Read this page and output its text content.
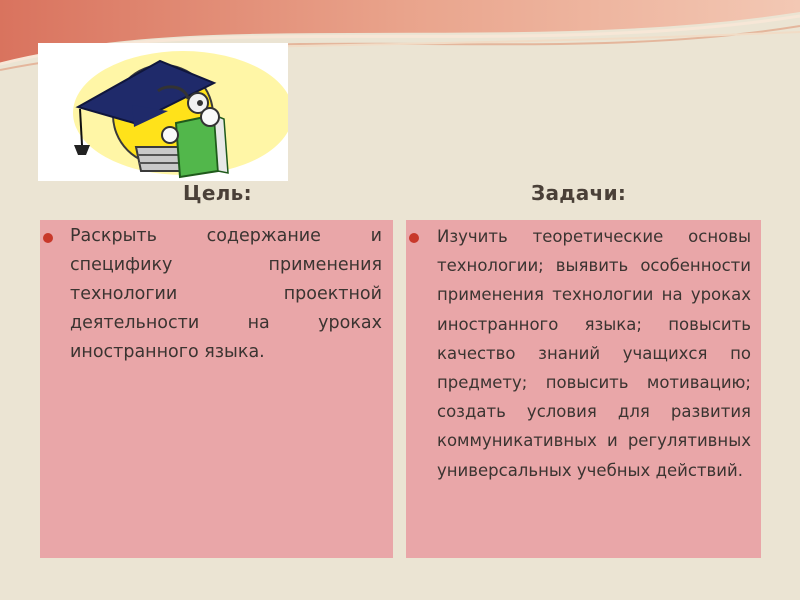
Цель:	Задачи:
Раскрыть содержание и специфику применения технологии проектной деятельности на уроках иностранного языка.
Изучить теоретические основы технологии; выявить особенности применения технологии на уроках иностранного языка; повысить качество знаний учащихся по предмету; повысить мотивацию; создать условия для развития коммуникативных и регулятивных универсальных учебных действий.
